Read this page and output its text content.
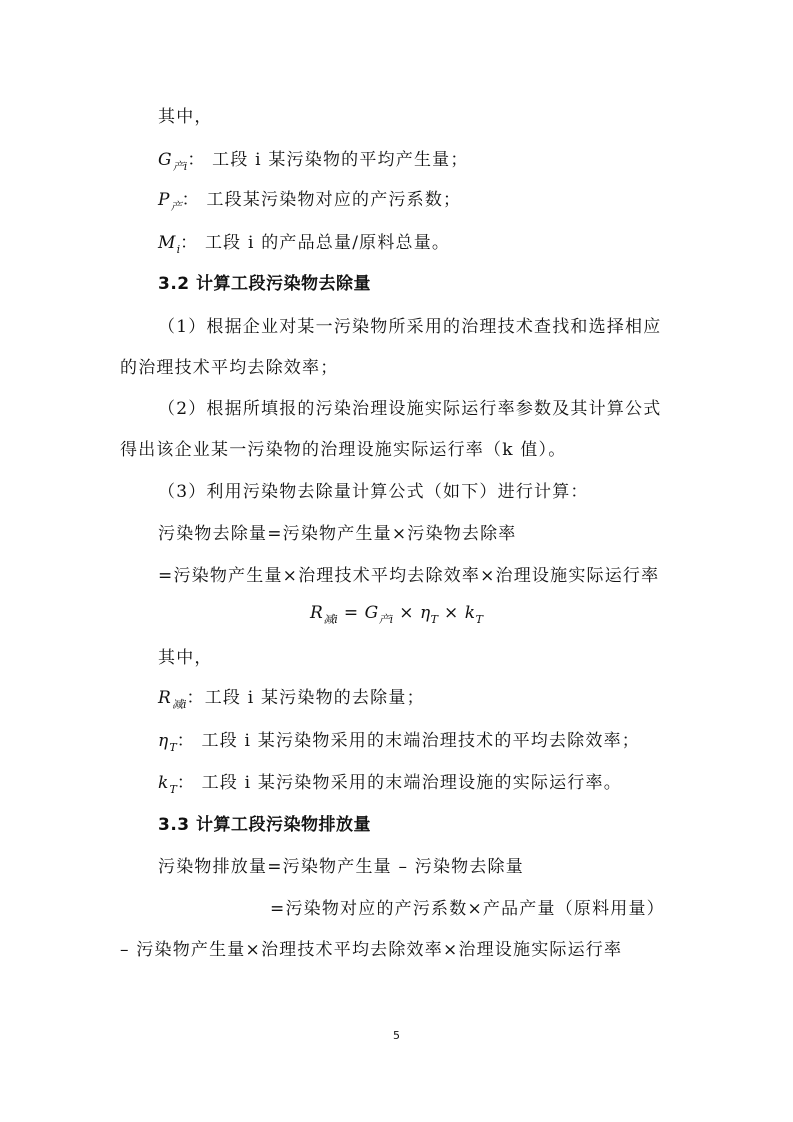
其中，
$G_{产i}$： 工段 i 某污染物的平均产生量；
$P_产$： 工段某污染物对应的产污系数；
$M_i$： 工段 i 的产品总量/原料总量。
3.2 计算工段污染物去除量
（1）根据企业对某一污染物所采用的治理技术查找和选择相应
的治理技术平均去除效率；
（2）根据所填报的污染治理设施实际运行率参数及其计算公式
得出该企业某一污染物的治理设施实际运行率（k 值）。
（3）利用污染物去除量计算公式（如下）进行计算：
污染物去除量=污染物产生量×污染物去除率
=污染物产生量×治理技术平均去除效率×治理设施实际运行率
$R_{减i} = G_{产i} \times \eta_T \times k_T$
其中，
$R_{减i}$：工段 i 某污染物的去除量；
$\eta_T$： 工段 i 某污染物采用的末端治理技术的平均去除效率；
$k_T$： 工段 i 某污染物采用的末端治理设施的实际运行率。
3.3 计算工段污染物排放量
污染物排放量=污染物产生量 – 污染物去除量
=污染物对应的产污系数×产品产量（原料用量）
– 污染物产生量×治理技术平均去除效率×治理设施实际运行率
5
